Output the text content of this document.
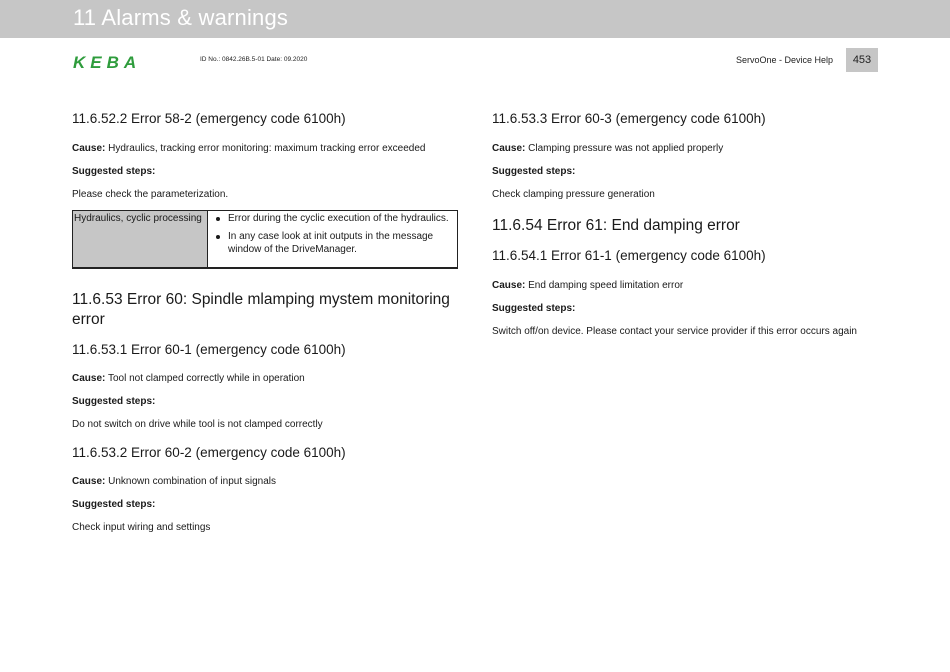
11 Alarms & warnings
KEBA	ID No.: 0842.26B.5-01 Date: 09.2020	ServoOne - Device Help	453
11.6.52.2 Error 58-2 (emergency code 6100h)
Cause: Hydraulics, tracking error monitoring: maximum tracking error exceeded
Suggested steps:
Please check the parameterization.
Hydraulics, cyclic processing	Error during the cyclic execution of the hydraulics.
In any case look at init outputs in the message window of the DriveManager.
11.6.53 Error 60: Spindle mlamping mystem monitoring error
11.6.53.1 Error 60-1 (emergency code 6100h)
Cause: Tool not clamped correctly while in operation
Suggested steps:
Do not switch on drive while tool is not clamped correctly
11.6.53.2 Error 60-2 (emergency code 6100h)
Cause: Unknown combination of input signals
Suggested steps:
Check input wiring and settings
11.6.53.3 Error 60-3 (emergency code 6100h)
Cause: Clamping pressure was not applied properly
Suggested steps:
Check clamping pressure generation
11.6.54 Error 61: End damping error
11.6.54.1 Error 61-1 (emergency code 6100h)
Cause: End damping speed limitation error
Suggested steps:
Switch off/on device. Please contact your service provider if this error occurs again
